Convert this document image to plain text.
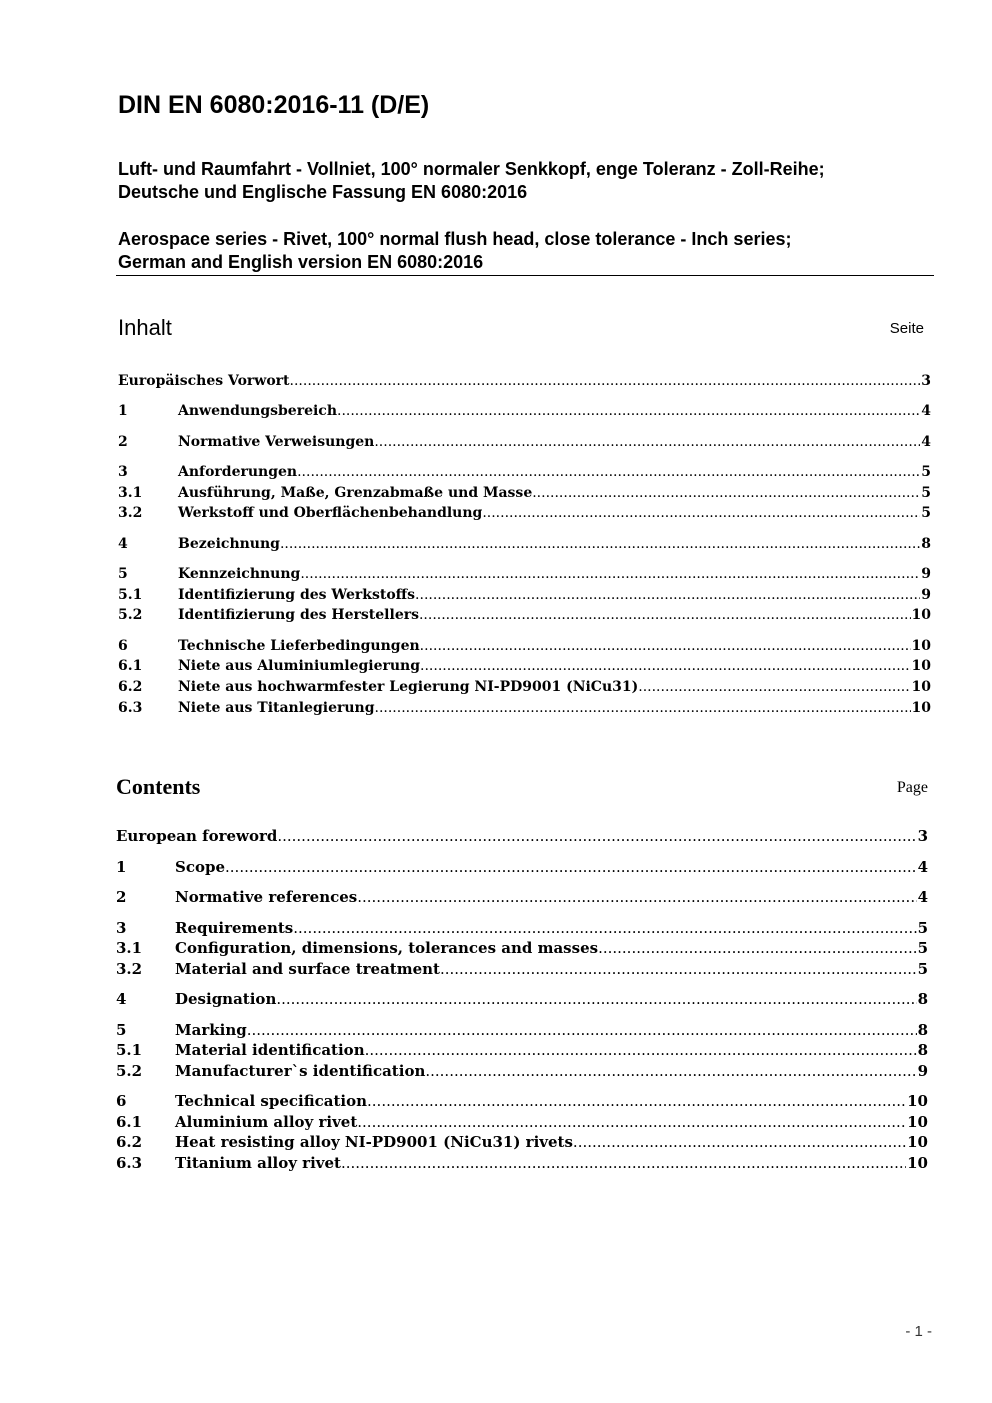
DIN EN 6080:2016-11 (D/E)
Luft- und Raumfahrt - Vollniet, 100° normaler Senkkopf, enge Toleranz - Zoll-Reihe;
Deutsche und Englische Fassung EN 6080:2016
Aerospace series - Rivet, 100° normal flush head, close tolerance - Inch series;
German and English version EN 6080:2016
Inhalt	Seite
Europäisches Vorwort .....	3
1	Anwendungsbereich .....	4
2	Normative Verweisungen .....	4
3	Anforderungen .....	5
3.1	Ausführung, Maße, Grenzabmaße und Masse .....	5
3.2	Werkstoff und Oberflächenbehandlung .....	5
4	Bezeichnung .....	8
5	Kennzeichnung .....	9
5.1	Identifizierung des Werkstoffs .....	9
5.2	Identifizierung des Herstellers .....	10
6	Technische Lieferbedingungen .....	10
6.1	Niete aus Aluminiumlegierung .....	10
6.2	Niete aus hochwarmfester Legierung NI-PD9001 (NiCu31) .....	10
6.3	Niete aus Titanlegierung .....	10
Contents	Page
European foreword .....	3
1	Scope .....	4
2	Normative references .....	4
3	Requirements .....	5
3.1 Configuration, dimensions, tolerances and masses .....	5
3.2 Material and surface treatment .....	5
4	Designation .....	8
5	Marking .....	8
5.1 Material identification .....	8
5.2 Manufacturer`s identification .....	9
6	Technical specification .....	10
6.1 Aluminium alloy rivet .....	10
6.2 Heat resisting alloy NI-PD9001 (NiCu31) rivets .....	10
6.3 Titanium alloy rivet .....	10
- 1 -
